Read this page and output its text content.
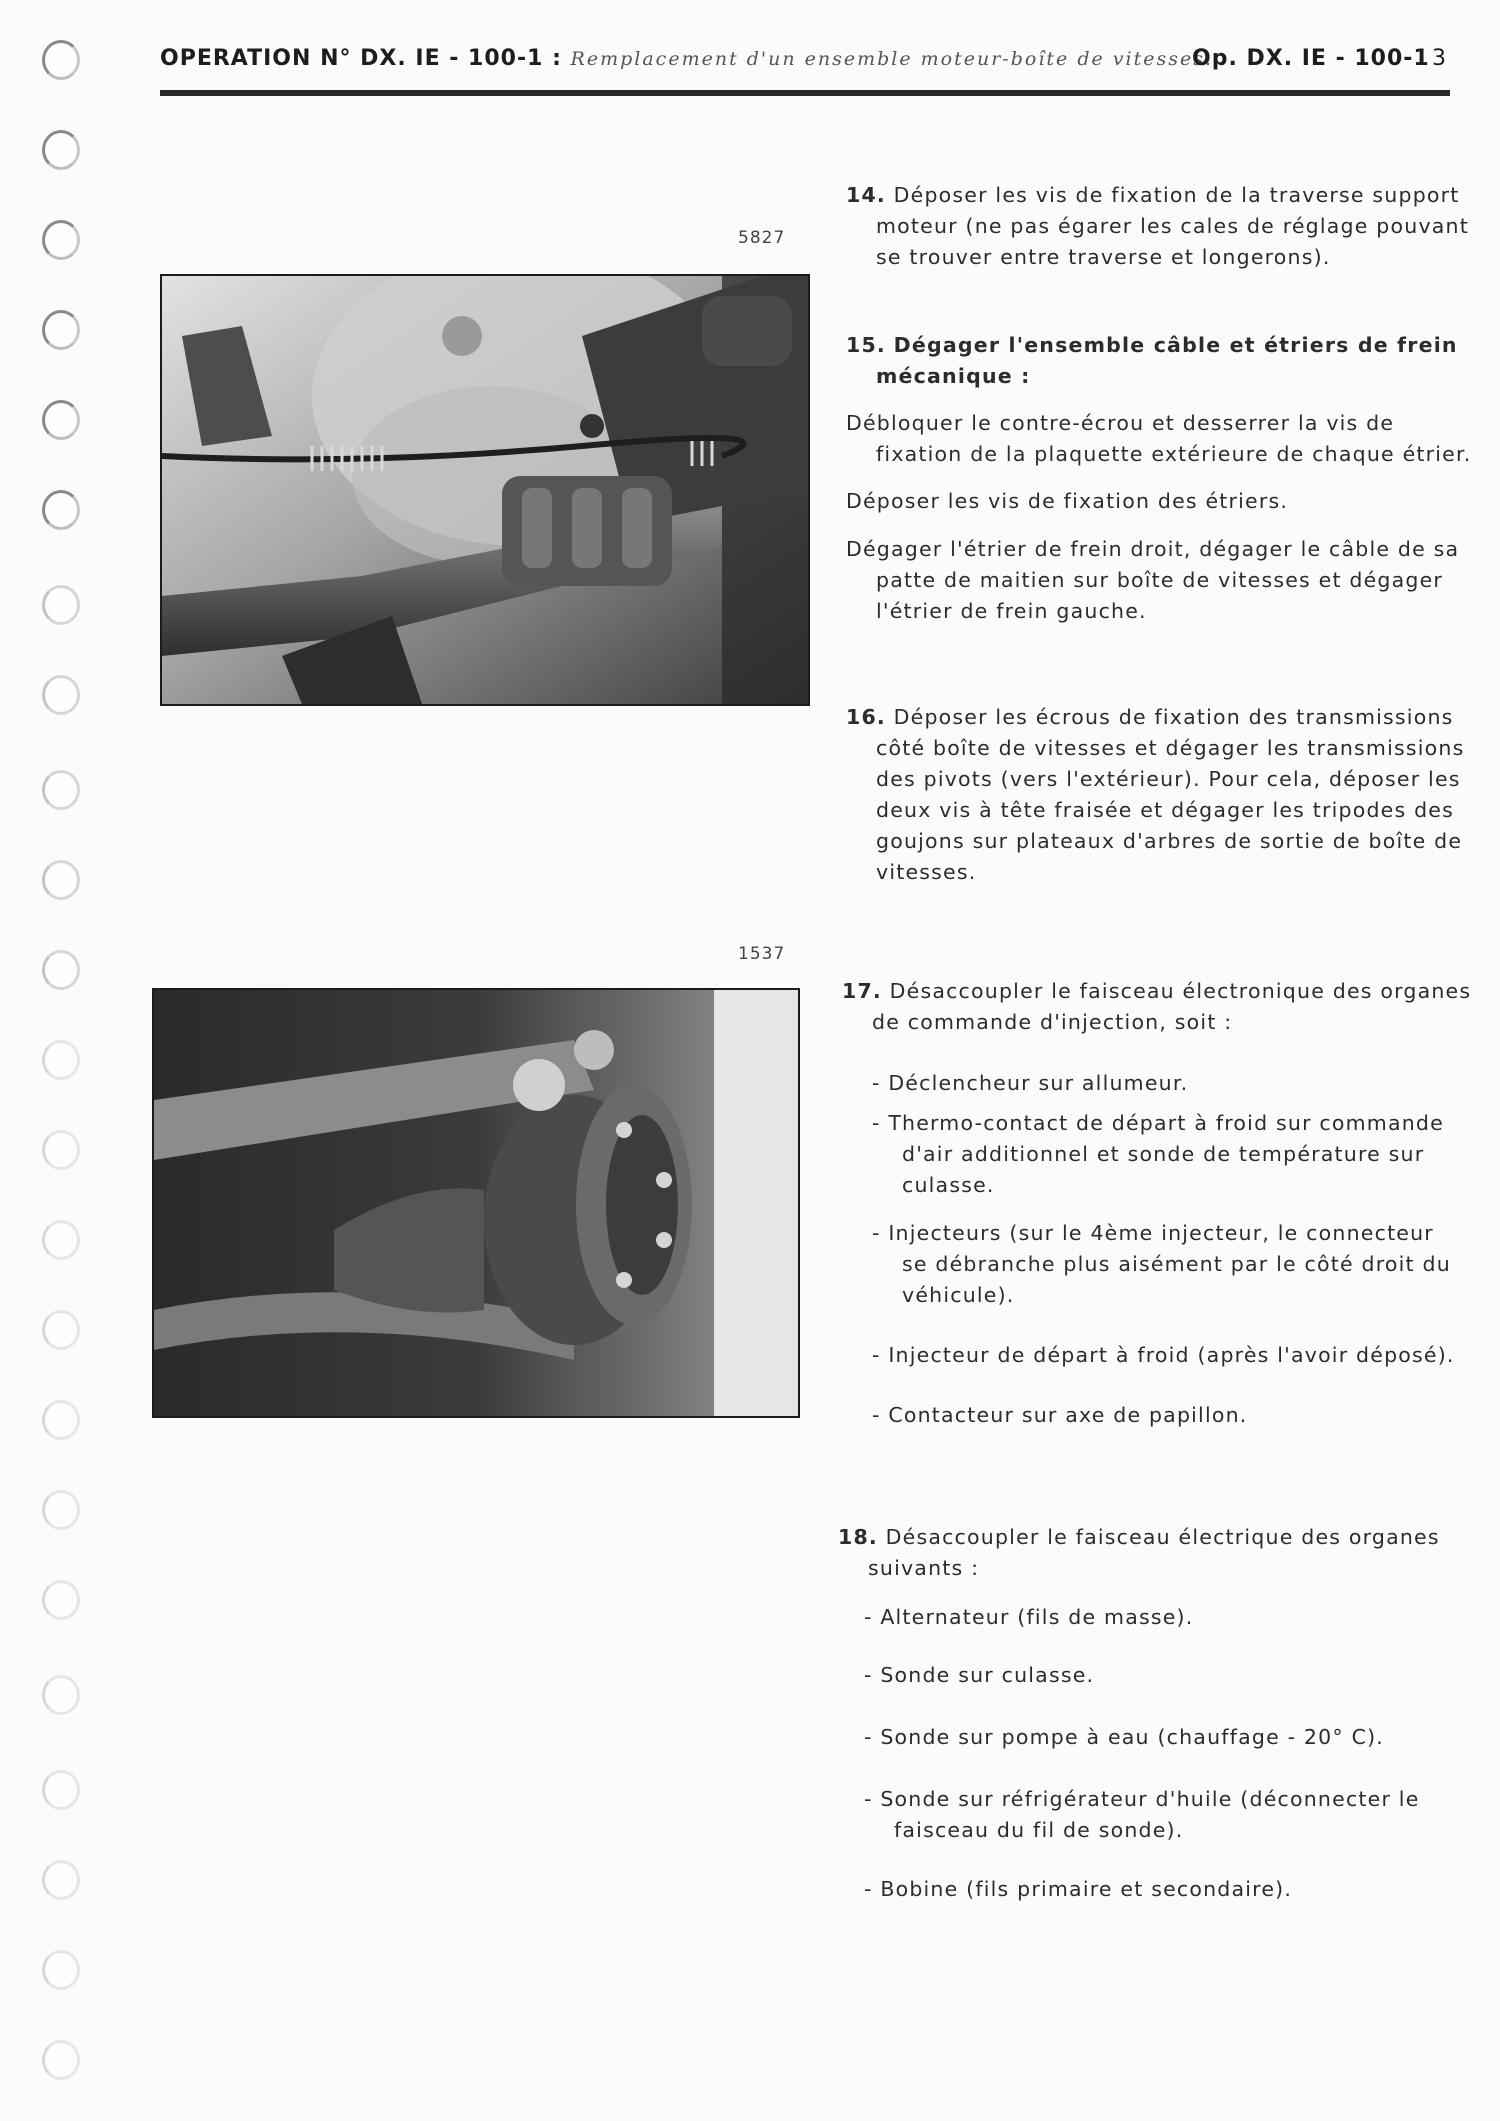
OPERATION N° DX. IE - 100-1 : Remplacement d'un ensemble moteur-boîte de vitesses.
Op. DX. IE - 100-1 3
5827
1537
14. Déposer les vis de fixation de la traverse support moteur (ne pas égarer les cales de réglage pouvant se trouver entre traverse et longerons).
15. Dégager l'ensemble câble et étriers de frein mécanique :
Débloquer le contre-écrou et desserrer la vis de fixation de la plaquette extérieure de chaque étrier.
Déposer les vis de fixation des étriers.
Dégager l'étrier de frein droit, dégager le câble de sa patte de maitien sur boîte de vitesses et dégager l'étrier de frein gauche.
16. Déposer les écrous de fixation des transmissions côté boîte de vitesses et dégager les transmissions des pivots (vers l'extérieur). Pour cela, déposer les deux vis à tête fraisée et dégager les tripodes des goujons sur plateaux d'arbres de sortie de boîte de vitesses.
17. Désaccoupler le faisceau électronique des organes de commande d'injection, soit :
- Déclencheur sur allumeur.
- Thermo-contact de départ à froid sur commande d'air additionnel et sonde de température sur culasse.
- Injecteurs (sur le 4ème injecteur, le connecteur se débranche plus aisément par le côté droit du véhicule).
- Injecteur de départ à froid (après l'avoir déposé).
- Contacteur sur axe de papillon.
18. Désaccoupler le faisceau électrique des organes suivants :
- Alternateur (fils de masse).
- Sonde sur culasse.
- Sonde sur pompe à eau (chauffage - 20° C).
- Sonde sur réfrigérateur d'huile (déconnecter le faisceau du fil de sonde).
- Bobine (fils primaire et secondaire).
